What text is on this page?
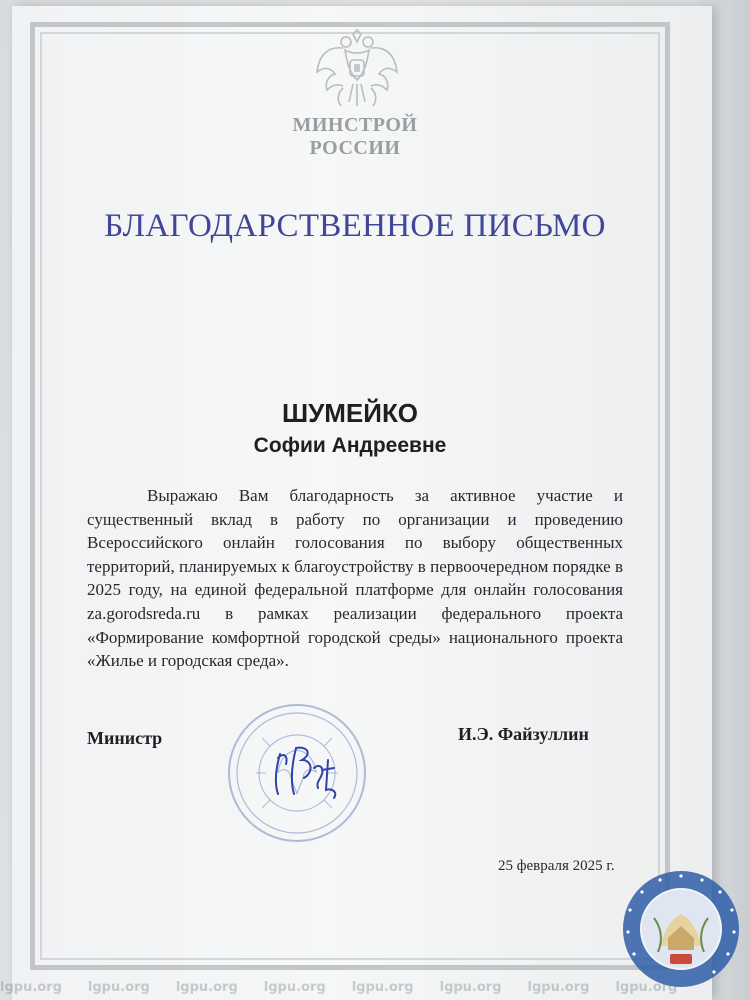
МИНСТРОЙ
РОССИИ
БЛАГОДАРСТВЕННОЕ ПИСЬМО
ШУМЕЙКО
Софии Андреевне
Выражаю Вам благодарность за активное участие и существенный вклад в работу по организации и проведению Всероссийского онлайн голосования по выбору общественных территорий, планируемых к благоустройству в первоочередном порядке в 2025 году, на единой федеральной платформе для онлайн голосования za.gorodsreda.ru в рамках реализации федерального проекта «Формирование комфортной городской среды» национального проекта «Жилье и городская среда».
Министр	И.Э. Файзуллин
25 февраля 2025 г.
lgpu.org lgpu.org lgpu.org lgpu.org lgpu.org lgpu.org lgpu.org lgpu.org
